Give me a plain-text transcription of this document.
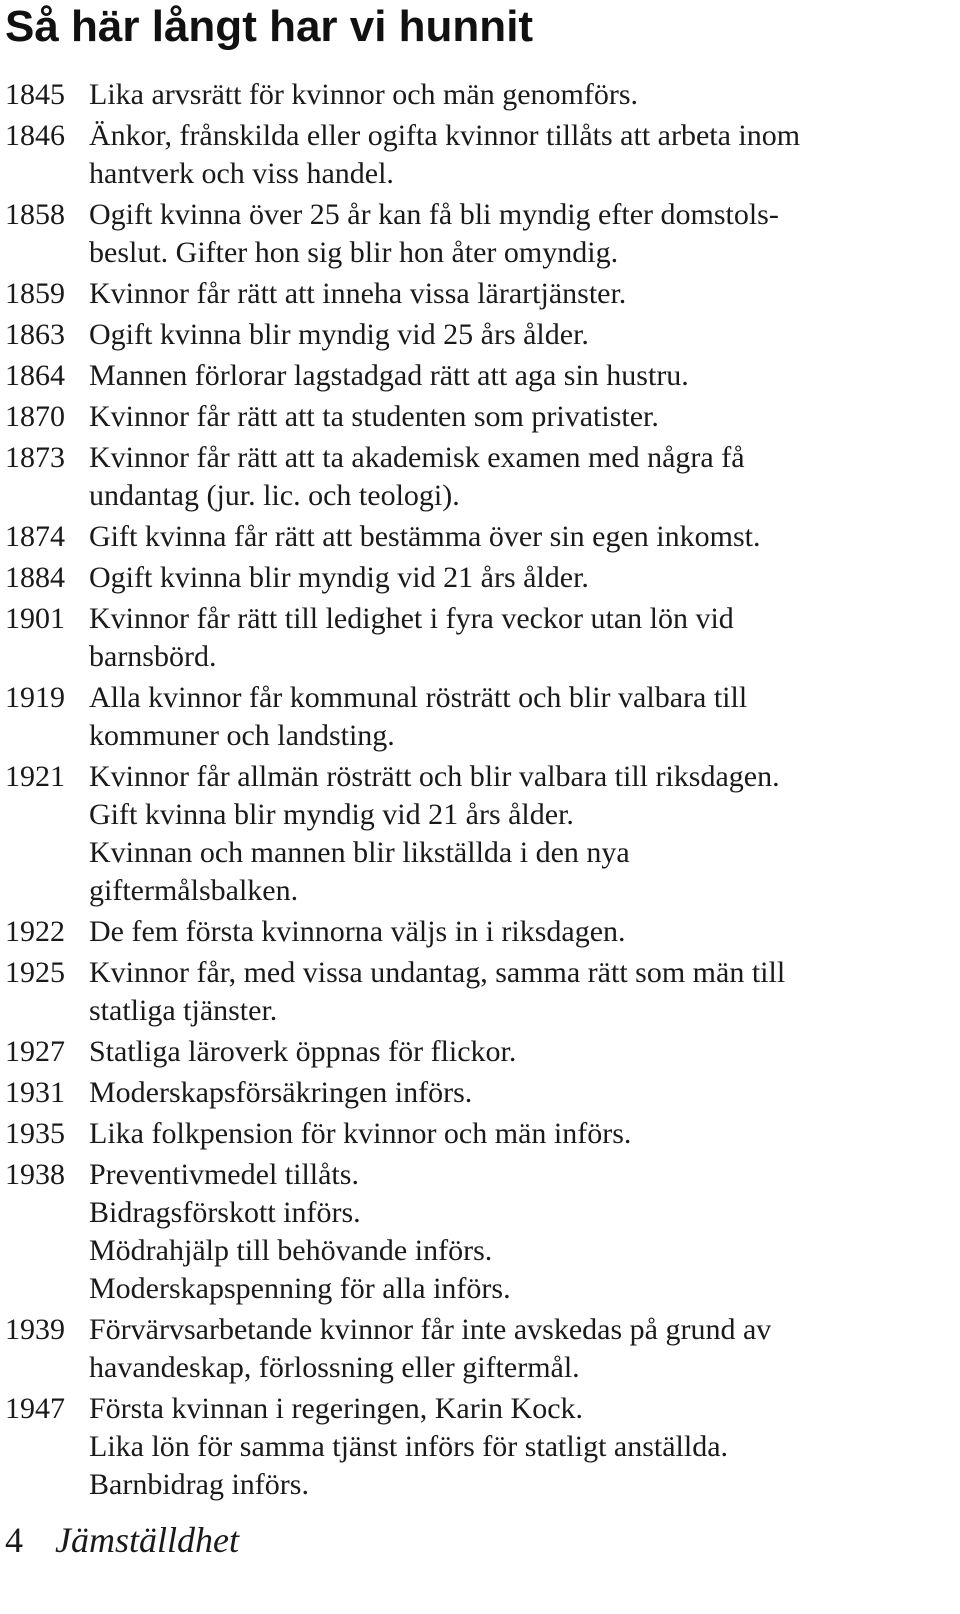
Så här långt har vi hunnit
1845 Lika arvsrätt för kvinnor och män genomförs.
1846 Änkor, frånskilda eller ogifta kvinnor tillåts att arbeta inom
hantverk och viss handel.
1858 Ogift kvinna över 25 år kan få bli myndig efter domstols-
beslut. Gifter hon sig blir hon åter omyndig.
1859 Kvinnor får rätt att inneha vissa lärartjänster.
1863 Ogift kvinna blir myndig vid 25 års ålder.
1864 Mannen förlorar lagstadgad rätt att aga sin hustru.
1870 Kvinnor får rätt att ta studenten som privatister.
1873 Kvinnor får rätt att ta akademisk examen med några få
undantag (jur. lic. och teologi).
1874 Gift kvinna får rätt att bestämma över sin egen inkomst.
1884 Ogift kvinna blir myndig vid 21 års ålder.
1901 Kvinnor får rätt till ledighet i fyra veckor utan lön vid
barnsbörd.
1919 Alla kvinnor får kommunal rösträtt och blir valbara till
kommuner och landsting.
1921 Kvinnor får allmän rösträtt och blir valbara till riksdagen.
Gift kvinna blir myndig vid 21 års ålder.
Kvinnan och mannen blir likställda i den nya
giftermålsbalken.
1922 De fem första kvinnorna väljs in i riksdagen.
1925 Kvinnor får, med vissa undantag, samma rätt som män till
statliga tjänster.
1927 Statliga läroverk öppnas för flickor.
1931 Moderskapsförsäkringen införs.
1935 Lika folkpension för kvinnor och män införs.
1938 Preventivmedel tillåts.
Bidragsförskott införs.
Mödrahjälp till behövande införs.
Moderskapspenning för alla införs.
1939 Förvärvsarbetande kvinnor får inte avskedas på grund av
havandeskap, förlossning eller giftermål.
1947 Första kvinnan i regeringen, Karin Kock.
Lika lön för samma tjänst införs för statligt anställda.
Barnbidrag införs.
4 Jämställdhet
